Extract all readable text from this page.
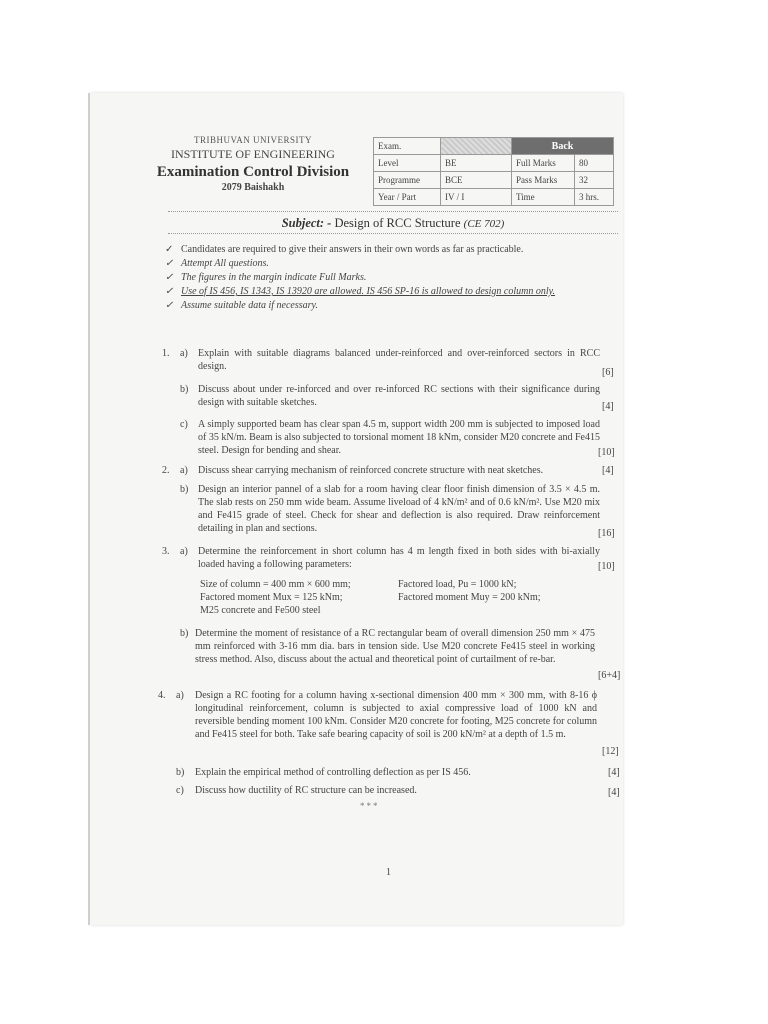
TRIBHUVAN UNIVERSITY
INSTITUTE OF ENGINEERING
Examination Control Division
2079 Baishakh
Exam.		Back	
Level	BE	Full Marks	80
Programme	BCE	Pass Marks	32
Year / Part	IV / I	Time	3 hrs.
Subject: - Design of RCC Structure (CE 702)
✓ Candidates are required to give their answers in their own words as far as practicable.
✓ Attempt All questions.
✓ The figures in the margin indicate Full Marks.
✓ Use of IS 456, IS 1343, IS 13920 are allowed. IS 456 SP-16 is allowed to design column only.
✓ Assume suitable data if necessary.
1. a) Explain with suitable diagrams balanced under-reinforced and over-reinforced sectors in RCC design.
[6]
b) Discuss about under re-inforced and over re-inforced RC sections with their significance during design with suitable sketches.	[4]
c) A simply supported beam has clear span 4.5 m, support width 200 mm is subjected to imposed load of 35 kN/m. Beam is also subjected to torsional moment 18 kNm, consider M20 concrete and Fe415 steel. Design for bending and shear.	[10]
2. a) Discuss shear carrying mechanism of reinforced concrete structure with neat sketches.	[4]
b) Design an interior pannel of a slab for a room having clear floor finish dimension of 3.5 × 4.5 m. The slab rests on 250 mm wide beam. Assume liveload of 4 kN/m² and of 0.6 kN/m². Use M20 mix and Fe415 grade of steel. Check for shear and deflection is also required. Draw reinforcement detailing in plan and sections.	[16]
3. a) Determine the reinforcement in short column has 4 m length fixed in both sides with bi-axially loaded having a following parameters:	[10]
Size of column = 400 mm × 600 mm;	Factored load, Pu = 1000 kN;
Factored moment Mux = 125 kNm;	Factored moment Muy = 200 kNm;
M25 concrete and Fe500 steel
b) Determine the moment of resistance of a RC rectangular beam of overall dimension 250 mm × 475 mm reinforced with 3-16 mm dia. bars in tension side. Use M20 concrete Fe415 steel in working stress method. Also, discuss about the actual and theoretical point of curtailment of re-bar.
[6+4]
4. a) Design a RC footing for a column having x-sectional dimension 400 mm × 300 mm, with 8-16 ϕ longitudinal reinforcement, column is subjected to axial compressive load of 1000 kN and reversible bending moment 100 kNm. Consider M20 concrete for footing, M25 concrete for column and Fe415 steel for both. Take safe bearing capacity of soil is 200 kN/m² at a depth of 1.5 m.
[12]
b) Explain the empirical method of controlling deflection as per IS 456.	[4]
c) Discuss how ductility of RC structure can be increased.	[4]
***
1
